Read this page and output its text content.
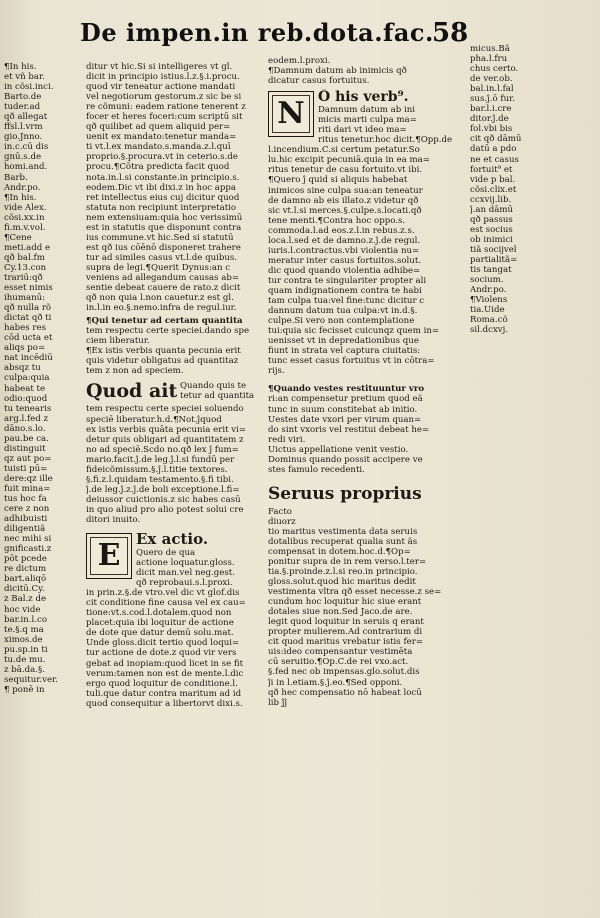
De impen.in reb.dota.fac.
58
¶In his.
et vñ bar.
in cõsi.inci.
Barto.de
tuder.ad
qð allegat
ffsl.l.vrm
gio.Jnno.
in.c.cū dis
gnū.s.de
homi.and.
Barb.
Andr.po.
¶In his.
vide Alex.
cõsi.xx.in
fi.m.v.vol.
¶Cene
meti.add e
qð bal.fm
Cy.13.con
trariū:qð
esset nimis
ihumanū:
qð nulla rõ
dictat qð ti
habes res
cōd ucta et
aliqs po=
nat incēdiū
absqz tu
culpa:quia
habeat te
odio:quod
tu tenearis
arg.l.fed z
dāno.s.lo.
pau.be ca.
distinguit
qz aut po=
tuisti pū=
dere:qz ille
fuit mina=
tus hoc fa
cere z non
adhibuisti
diligentiã
nec mihi si
gnificasti.z
pōt pcede
re dictum
bart.aliqō
dicitū.Cy.
z Bal.z de
hoc vide
bar.in.l.co
te.§.q ma
ximos.de
pu.sp.in ti
tu.de mu.
z bā.da.§.
sequitur.ver.
¶ ponē in
micus.Bã
pha.l.fru
chus certo.
de ver.ob.
bal.in.l.fal
sus.ĵ.ō fur.
bar.l.i.cre
ditor.ĵ.de
fol.vbi bis
cit qð dāmū
datū a pdo
ne et casus
fortuit⁹ et
vide p bal.
cõsi.clix.et
ccxvij.lib.
ĵ.an dāmū
qð passus
est socius
ob inimici
tiã socijvel
partialitã=
tis tangat
socium.
Andr.po.
¶Violens
tia.Uide
Roma.cõ
sil.dcxvj.
ditur vt hic.Si si intelligeres vt gl.
dicit in principio istius.l.z.§.i.procu.
quod vir teneatur actione mandati
vel negotiorum gestorum.z sic be si
re cõmuni: eadem ratione tenerent z
focer et heres foceri:cum scriptū sit
qð quilibet ad quem aliquid per=
uenit ex mandato:tenetur manda=
ti vt.l.ex mandato.s.manda.z.l.quī
proprio.§.procura.vt in ceterio.s.de
procu.¶Cōtra predicta facit quod
nota.in.l.si constante.in principio.s.
eodem.Dic vt ibi dixi.z in hoc appa
ret intellectus eius cuj dicitur quod
statuta non recipiunt interpretatio
nem extensiuam:quia hoc verissimū
est in statutis que disponunt contra
ius commune.vt hic.Sed si statutū
est qð ius cōēnō disponeret trahere
tur ad similes casus vt.l.de quibus.
supra de legi.¶Querit Dynus:an c
veniens ad allegandum causas ab=
sentie debeat cauere de rato.z dicit
qð non quia l.non cauetur.z est gl.
in.l.in eo.§.nemo.infra de regul.iur.
¶Qui tenetur ad certam quantita
tem respectu certe speciei.dando spe
ciem liberatur.
¶Ex istis verbis quanta pecunia erit
quis videtur obligatus ad quantitaz
tem z non ad speciem.
Quod ait Quando quis te tetur ad quantita
tem respectu certe speciei soluendo
speciē liberatur.h.d.¶Not.ĵquod
ex istis verbis quāta pecunia erit vi=
detur quis obligari ad quantitatem z
no ad speciē.Scdo no.qð lex ĵ fum=
mario.facit.ĵ.de leg.ĵ.l.si fundū per
fideicõmissum.§.ĵ.l.titie textores.
§.fi.z.l.quidam testamento.§.fi tibi.
ĵ.de leg.ĵ.z.ĵ.de boli exceptione.l.fi=
deiussor cuictionis.z sic habes casū
in quo aliud pro alio potest solui cre
ditori inuito.
E	Ex actio.
Quero de qua
actione loquatur.gloss.
dicit man.vel neg.gest.
qð reprobaui.s.l.proxi.
in prin.z.§.de vtro.vel dic vt glof.dis
cit conditione fine causa vel ex cau=
tione:vt.s.cod.l.dotalem.quod non
placet:quia ibi loquitur de actione
de dote que datur demū solu.mat.
Unde gloss.dicit tertio quod loqui=
tur actione de dote.z quod vir vers
gebat ad inopiam:quod licet in se fit
verum:tamen non est de mente.l.dic
ergo quod loquitur de conditione.l.
tuli.que datur contra maritum ad id
quod consequitur a libertorvt dixi.s.
eodem.l.proxi.
¶Damnum datum ab inimicis qð
dicatur casus fortuitus.
N Ō his verb⁹.
Damnum datum ab ini
micis marti culpa ma=
riti dari vt ideo ma=
ritus tenetur.hoc dicit.¶Opp.de
l.incendium.C.si certum petatur.So
lu.hic excipit pecuniā.quia in ea ma=
ritus tenetur de casu fortuito.vt ibi.
¶Quero ĵ quid si aliquis habebat
inimicos sine culpa sua:an teneatur
de damno ab eis illato.z videtur qð
sic vt.l.si merces.§.culpe.s.locati.qð
tene menti.¶Contra hoc oppo.s.
commoda.l.ad eos.z.l.in rebus.z.s.
loca.l.sed et de damno.z.ĵ.de regul.
iuris.l.contractus.vbi violentia nu=
meratur inter casus fortuitos.solut.
dic quod quando violentia adhibe=
tur contra te singulariter propter ali
quam indignationem contra te habi
tam culpa tua:vel fine:tunc dicitur c
dannum datum tua culpa:vt in.d.§.
culpe.Si vero non contemplatione
tui:quia sic fecisset cuicunqz quem in=
uenisset vt in depredationibus que
fiunt in strata vel captura ciuitatis:
tunc esset casus fortuitus vt in cōtra=
rijs.
¶Quando vestes restituuntur vro
ri:an compensetur pretium quod eã
tunc in suum constitebat ab initio.
Uestes date vxori per virum quan=
do sint vxoris vel restitui debeat he=
redi viri.
Uictus appellatione venit vestio.
Dominus quando possit accipere ve
stes famulo recedenti.
Seruus proprius Facto diuorz
tio maritus vestimenta data seruis
dotalibus recuperat qualia sunt ãs
compensat in dotem.hoc.d.¶Op=
ponitur supra de in rem verso.l.ter=
tia.§.proinde.z.l.si reo.in principio.
gloss.solut.quod hic maritus dedit
vestimenta vltra qð esset necesse.z se=
cundum hoc loquitur hic siue erant
dotales siue non.Sed Jaco.de are.
legit quod loquitur in seruis q erant
propter mulierem.Ad contrarium di
cit quod maritus vrebatur istis fer=
uis:ideo compensantur vestimēta
cū seruitio.¶Op.C.de rei vxo.act.
§.fed nec ob impensas.glo.solut.dis
ĵi in l.etiam.§.ĵ.eo.¶Sed opponi.
qð hec compensatio nō habeat locū
lib ĵĵ
